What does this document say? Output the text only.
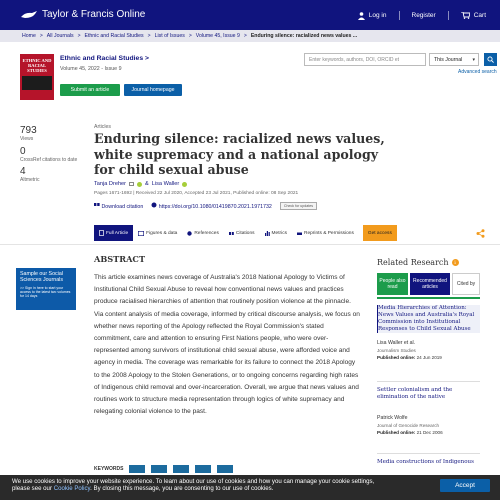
Taylor & Francis Online	Log in	Register	Cart
Home > All Journals > Ethnic and Racial Studies > List of Issues > Volume 45, Issue 9 > Enduring silence: racialized news values ...
ETHNIC AND RACIAL STUDIES
Ethnic and Racial Studies >
Volume 45, 2022 - Issue 9
Submit an article	Journal homepage
Enter keywords, authors, DOI, ORCID et	This Journal ▾
Advanced search
793
Views
0
CrossRef citations to date
4
Altmetric
Articles
Enduring silence: racialized news values, white supremacy and a national apology for child sexual abuse
Tanja Dreher	& Lisa Waller
Pages 1671-1692 | Received 22 Jul 2020, Accepted 23 Jul 2021, Published online: 08 Sep 2021
Download citation	https://doi.org/10.1080/01419870.2021.1971732	Check for updates
Full Article	Figures & data	References	Citations	Metrics	Reprints & Permissions	Get access
Sample our Social Sciences Journals
>> Sign in here to start your access to the latest two volumes for 14 days
ABSTRACT
This article examines news coverage of Australia's 2018 National Apology to Victims of Institutional Child Sexual Abuse to reveal how conventional news values and practices produce racialised hierarchies of attention that routinely position violence at the pinnacle. Via content analysis of media coverage, informed by critical discourse analysis, we focus on whether news reporting of the Apology reflected the Royal Commission's stated commitment, care and attention to ensuring First Nations people, who were over-represented among survivors of institutional child sexual abuse, were afforded voice and agency in media. The coverage was remarkable for its failure to connect the 2018 Apology to the 2008 Apology to the Stolen Generations, or to ongoing concerns regarding high rates of Indigenous child removal and over-incarceration. Overall, we argue that news values and routines work to structure media representation through logics of white supremacy and relegating colonial violence to the past.
KEYWORDS
Related Research	i
People also read
Recommended articles	Cited by
Media Hierarchies of Attention: News Values and Australia's Royal Commission into Institutional Responses to Child Sexual Abuse
Lisa Waller et al.
Journalism Studies
Published online: 24 Jun 2019
Settler colonialism and the elimination of the native
Patrick Wolfe
Journal of Genocide Research
Published online: 21 Dec 2006
Media constructions of Indigenous
We use cookies to improve your website experience. To learn about our use of cookies and how you can manage your cookie settings,
please see our Cookie Policy. By closing this message, you are consenting to our use of cookies.	Accept
